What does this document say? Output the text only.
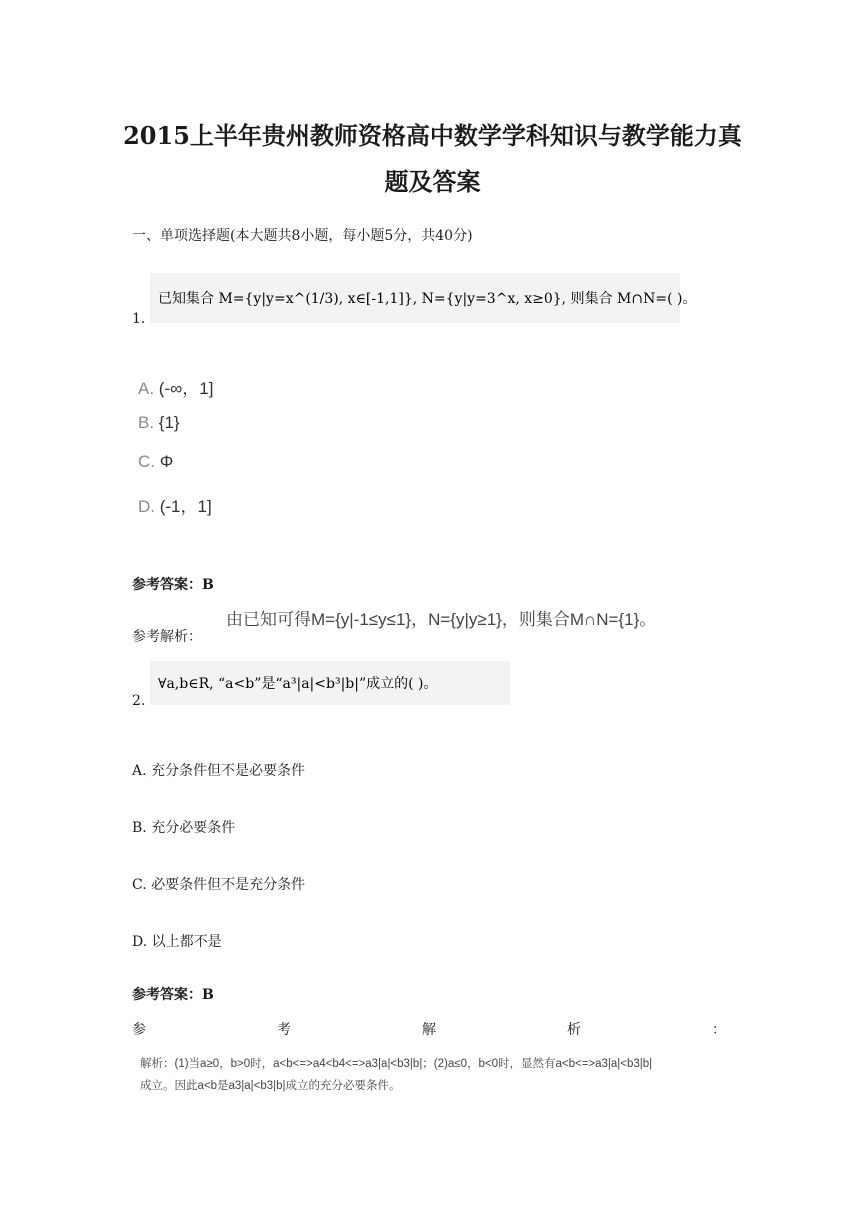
2015上半年贵州教师资格高中数学学科知识与教学能力真
题及答案
一、单项选择题(本大题共8小题，每小题5分，共40分)
1.
已知集合 M={y|y=x^(1/3), x∈[-1,1]}, N={y|y=3^x, x≥0}, 则集合 M∩N=( )。
A. (-∞，1]
B. {1}
C. Φ
D. (-1，1]
参考答案：B
参考解析：
由已知可得M={y|-1≤y≤1}，N={y|y≥1}，则集合M∩N={1}。
2.
∀a,b∈R, “a<b”是“a³|a|<b³|b|”成立的( )。
A. 充分条件但不是必要条件
B. 充分必要条件
C. 必要条件但不是充分条件
D. 以上都不是
参考答案：B
参	考	解	析	：
解析：(1)当a≥0，b>0时，a<b<=>a4<b4<=>a3|a|<b3|b|；(2)a≤0，b<0时，显然有a<b<=>a3|a|<b3|b|
成立。因此a<b是a3|a|<b3|b|成立的充分必要条件。
